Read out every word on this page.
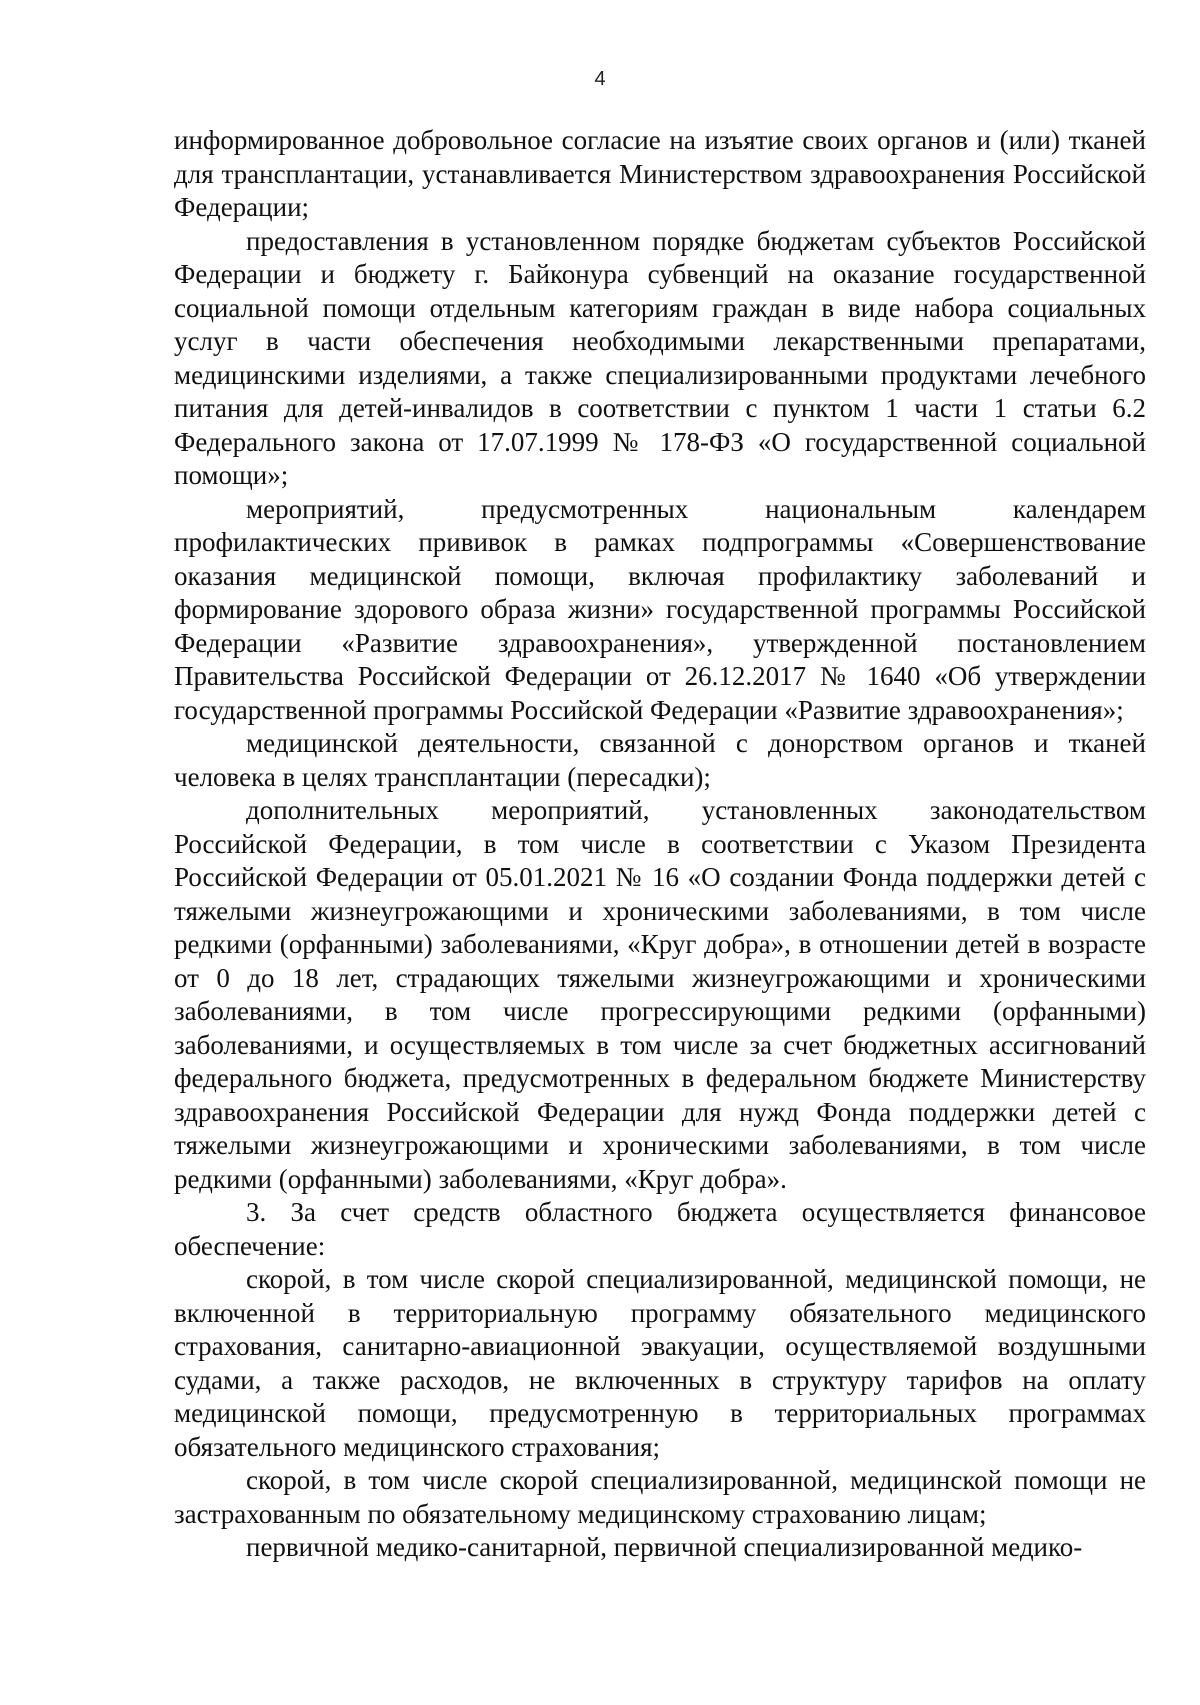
4

информированное добровольное согласие на изъятие своих органов и (или) тканей для трансплантации, устанавливается Министерством здравоохранения Российской Федерации;

предоставления в установленном порядке бюджетам субъектов Российской Федерации и бюджету г. Байконура субвенций на оказание государственной социальной помощи отдельным категориям граждан в виде набора социальных услуг в части обеспечения необходимыми лекарственными препаратами, медицинскими изделиями, а также специализированными продуктами лечебного питания для детей-инвалидов в соответствии с пунктом 1 части 1 статьи 6.2 Федерального закона от 17.07.1999 № 178-ФЗ «О государственной социальной помощи»;

мероприятий, предусмотренных национальным календарем профилактических прививок в рамках подпрограммы «Совершенствование оказания медицинской помощи, включая профилактику заболеваний и формирование здорового образа жизни» государственной программы Российской Федерации «Развитие здравоохранения», утвержденной постановлением Правительства Российской Федерации от 26.12.2017 № 1640 «Об утверждении государственной программы Российской Федерации «Развитие здравоохранения»;

медицинской деятельности, связанной с донорством органов и тканей человека в целях трансплантации (пересадки);

дополнительных мероприятий, установленных законодательством Российской Федерации, в том числе в соответствии с Указом Президента Российской Федерации от 05.01.2021 № 16 «О создании Фонда поддержки детей с тяжелыми жизнеугрожающими и хроническими заболеваниями, в том числе редкими (орфанными) заболеваниями, «Круг добра», в отношении детей в возрасте от 0 до 18 лет, страдающих тяжелыми жизнеугрожающими и хроническими заболеваниями, в том числе прогрессирующими редкими (орфанными) заболеваниями, и осуществляемых в том числе за счет бюджетных ассигнований федерального бюджета, предусмотренных в федеральном бюджете Министерству здравоохранения Российской Федерации для нужд Фонда поддержки детей с тяжелыми жизнеугрожающими и хроническими заболеваниями, в том числе редкими (орфанными) заболеваниями, «Круг добра».

3. За счет средств областного бюджета осуществляется финансовое обеспечение:

скорой, в том числе скорой специализированной, медицинской помощи, не включенной в территориальную программу обязательного медицинского страхования, санитарно-авиационной эвакуации, осуществляемой воздушными судами, а также расходов, не включенных в структуру тарифов на оплату медицинской помощи, предусмотренную в территориальных программах обязательного медицинского страхования;

скорой, в том числе скорой специализированной, медицинской помощи не застрахованным по обязательному медицинскому страхованию лицам;

первичной медико-санитарной, первичной специализированной медико-
